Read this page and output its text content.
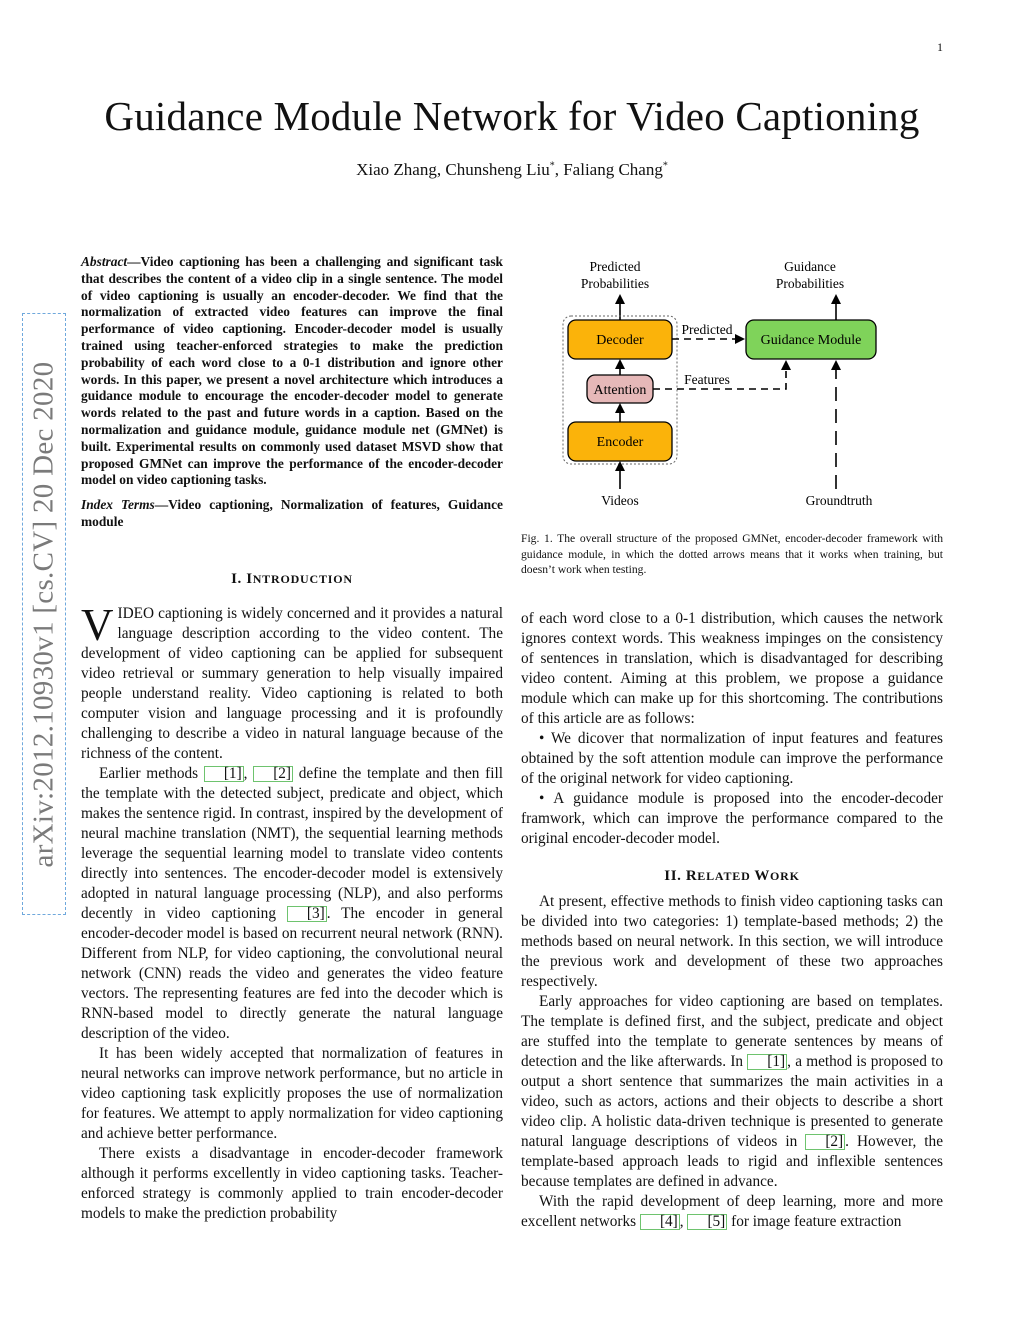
1
Guidance Module Network for Video Captioning
Xiao Zhang, Chunsheng Liu*, Faliang Chang*
arXiv:2012.10930v1 [cs.CV] 20 Dec 2020

Abstract—Video captioning has been a challenging and significant task that describes the content of a video clip in a single sentence. The model of video captioning is usually an encoder-decoder. We find that the normalization of extracted video features can improve the final performance of video captioning. Encoder-decoder model is usually trained using teacher-enforced strategies to make the prediction probability of each word close to a 0-1 distribution and ignore other words. In this paper, we present a novel architecture which introduces a guidance module to encourage the encoder-decoder model to generate words related to the past and future words in a caption. Based on the normalization and guidance module, guidance module net (GMNet) is built. Experimental results on commonly used dataset MSVD show that proposed GMNet can improve the performance of the encoder-decoder model on video captioning tasks.

Index Terms—Video captioning, Normalization of features, Guidance module

I. INTRODUCTION

VIDEO captioning is widely concerned and it provides a natural language description according to the video content. The development of video captioning can be applied for subsequent video retrieval or summary generation to help visually impaired people understand reality. Video captioning is related to both computer vision and language processing and it is profoundly challenging to describe a video in natural language because of the richness of the content.

Earlier methods [1] , [2] define the template and then fill the template with the detected subject, predicate and object, which makes the sentence rigid. In contrast, inspired by the development of neural machine translation (NMT), the sequential learning methods leverage the sequential learning model to translate video contents directly into sentences. The encoder-decoder model is extensively adopted in natural language processing (NLP), and also performs decently in video captioning [3] . The encoder in general encoder-decoder model is based on recurrent neural network (RNN). Different from NLP, for video captioning, the convolutional neural network (CNN) reads the video and generates the video feature vectors. The representing features are fed into the decoder which is RNN-based model to directly generate the natural language description of the video.

It has been widely accepted that normalization of features in neural networks can improve network performance, but no article in video captioning task explicitly proposes the use of normalization for features. We attempt to apply normalization for video captioning and achieve better performance.

There exists a disadvantage in encoder-decoder framework although it performs excellently in video captioning tasks. Teacher-enforced strategy is commonly applied to train encoder-decoder models to make the prediction probability

Predicted
Probabilities
Guidance
Probabilities
Decoder
Attention
Encoder
Guidance Module
Predicted
Features
Videos	Groundtruth
Fig. 1. The overall structure of the proposed GMNet, encoder-decoder framework with guidance module, in which the dotted arrows means that it works when training, but doesn’t work when testing.

of each word close to a 0-1 distribution, which causes the network ignores context words. This weakness impinges on the consistency of sentences in translation, which is disadvantaged for describing video content. Aiming at this problem, we propose a guidance module which can make up for this shortcoming. The contributions of this article are as follows:

• We dicover that normalization of input features and features obtained by the soft attention module can improve the performance of the original network for video captioning.

• A guidance module is proposed into the encoder-decoder framwork, which can improve the performance compared to the original encoder-decoder model.

II. RELATED WORK

At present, effective methods to finish video captioning tasks can be divided into two categories: 1) template-based methods; 2) the methods based on neural network. In this section, we will introduce the previous work and development of these two approaches respectively.

Early approaches for video captioning are based on templates. The template is defined first, and the subject, predicate and object are stuffed into the template to generate sentences by means of detection and the like afterwards. In [1] , a method is proposed to output a short sentence that summarizes the main activities in a video, such as actors, actions and their objects to describe a short video clip. A holistic data-driven technique is presented to generate natural language descriptions of videos in [2] . However, the template-based approach leads to rigid and inflexible sentences because templates are defined in advance.

With the rapid development of deep learning, more and more excellent networks [4] , [5] for image feature extraction
